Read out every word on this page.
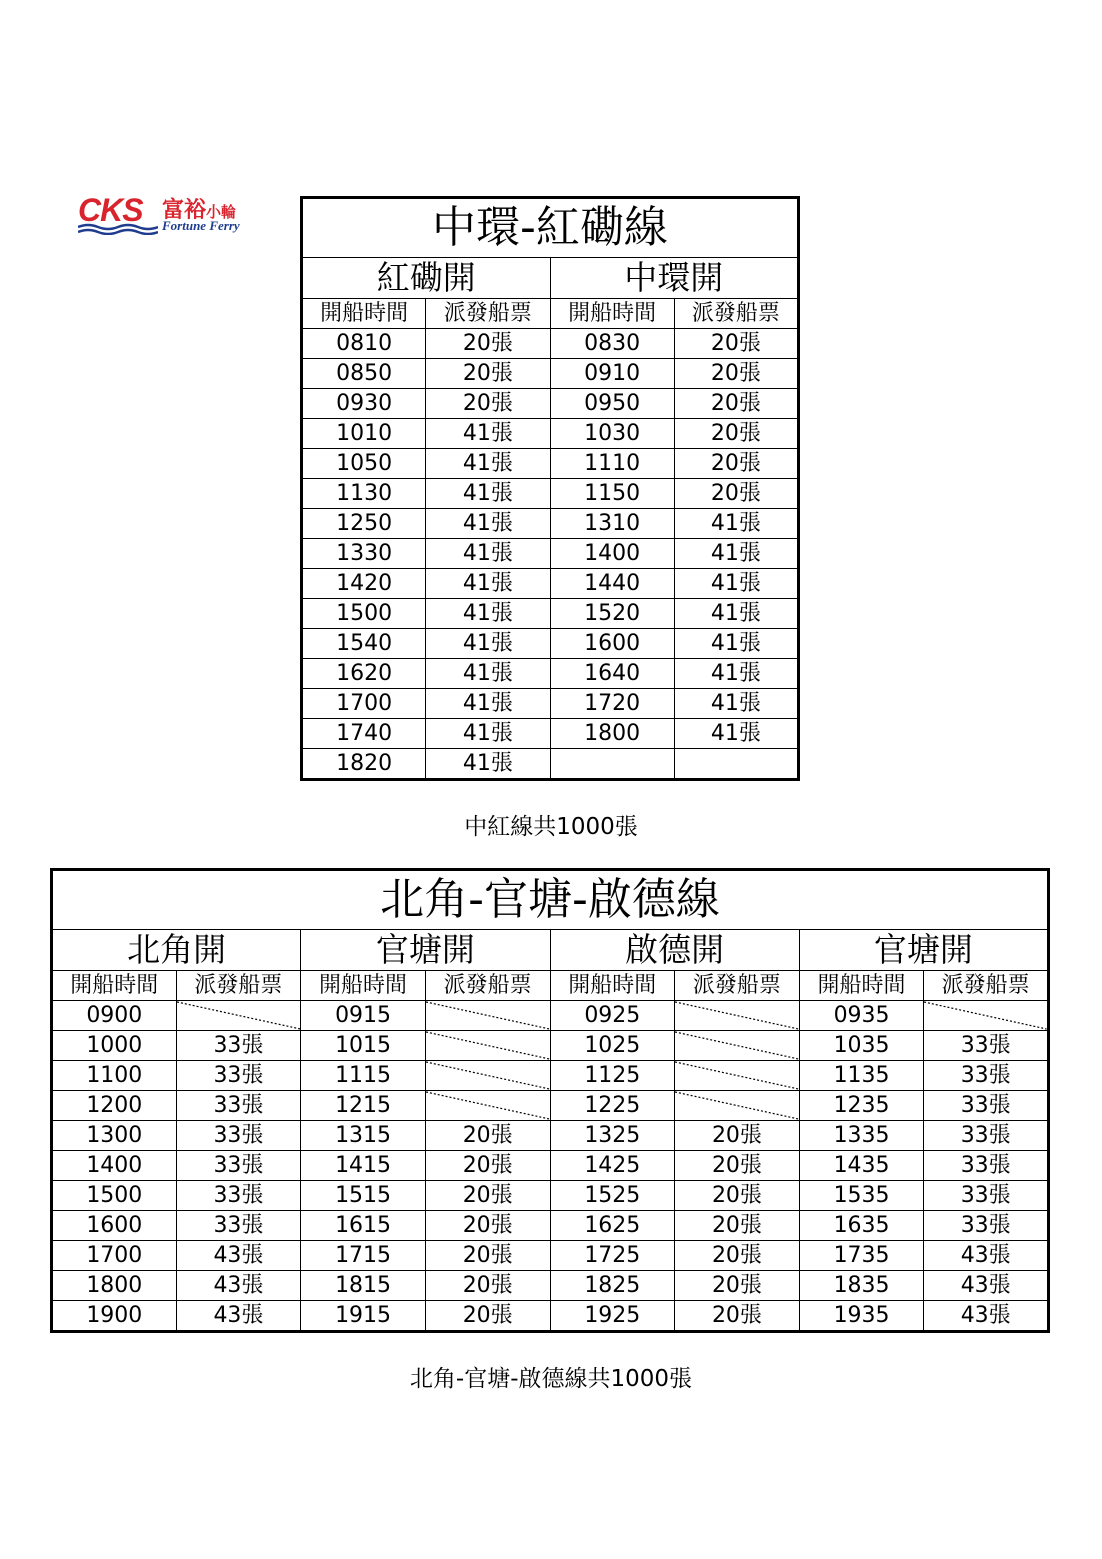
CKS 富裕小輪
Fortune Ferry	中環-紅磡線			
紅磡開		中環開	
開船時間	派發船票	開船時間	派發船票
0810	20張	0830	20張
0850	20張	0910	20張
0930	20張	0950	20張
1010	41張	1030	20張
1050	41張	1110	20張
1130	41張	1150	20張
1250	41張	1310	41張
1330	41張	1400	41張
1420	41張	1440	41張
1500	41張	1520	41張
1540	41張	1600	41張
1620	41張	1640	41張
1700	41張	1720	41張
1740	41張	1800	41張
1820	41張		
中紅線共1000張
北角-官塘-啟德線							
北角開		官塘開		啟德開		官塘開	
開船時間	派發船票	開船時間	派發船票	開船時間	派發船票	開船時間	派發船票
0900		0915		0925		0935	

1000	33張	1015		1025		1035	33張
1100	33張	1115		1125		1135	33張
1200	33張	1215		1225		1235	33張
1300	33張	1315	20張	1325	20張	1335	33張
1400	33張	1415	20張	1425	20張	1435	33張
1500	33張	1515	20張	1525	20張	1535	33張
1600	33張	1615	20張	1625	20張	1635	33張
1700	43張	1715	20張	1725	20張	1735	43張
1800	43張	1815	20張	1825	20張	1835	43張
1900	43張	1915	20張	1925	20張	1935	43張
北角-官塘-啟德線共1000張
